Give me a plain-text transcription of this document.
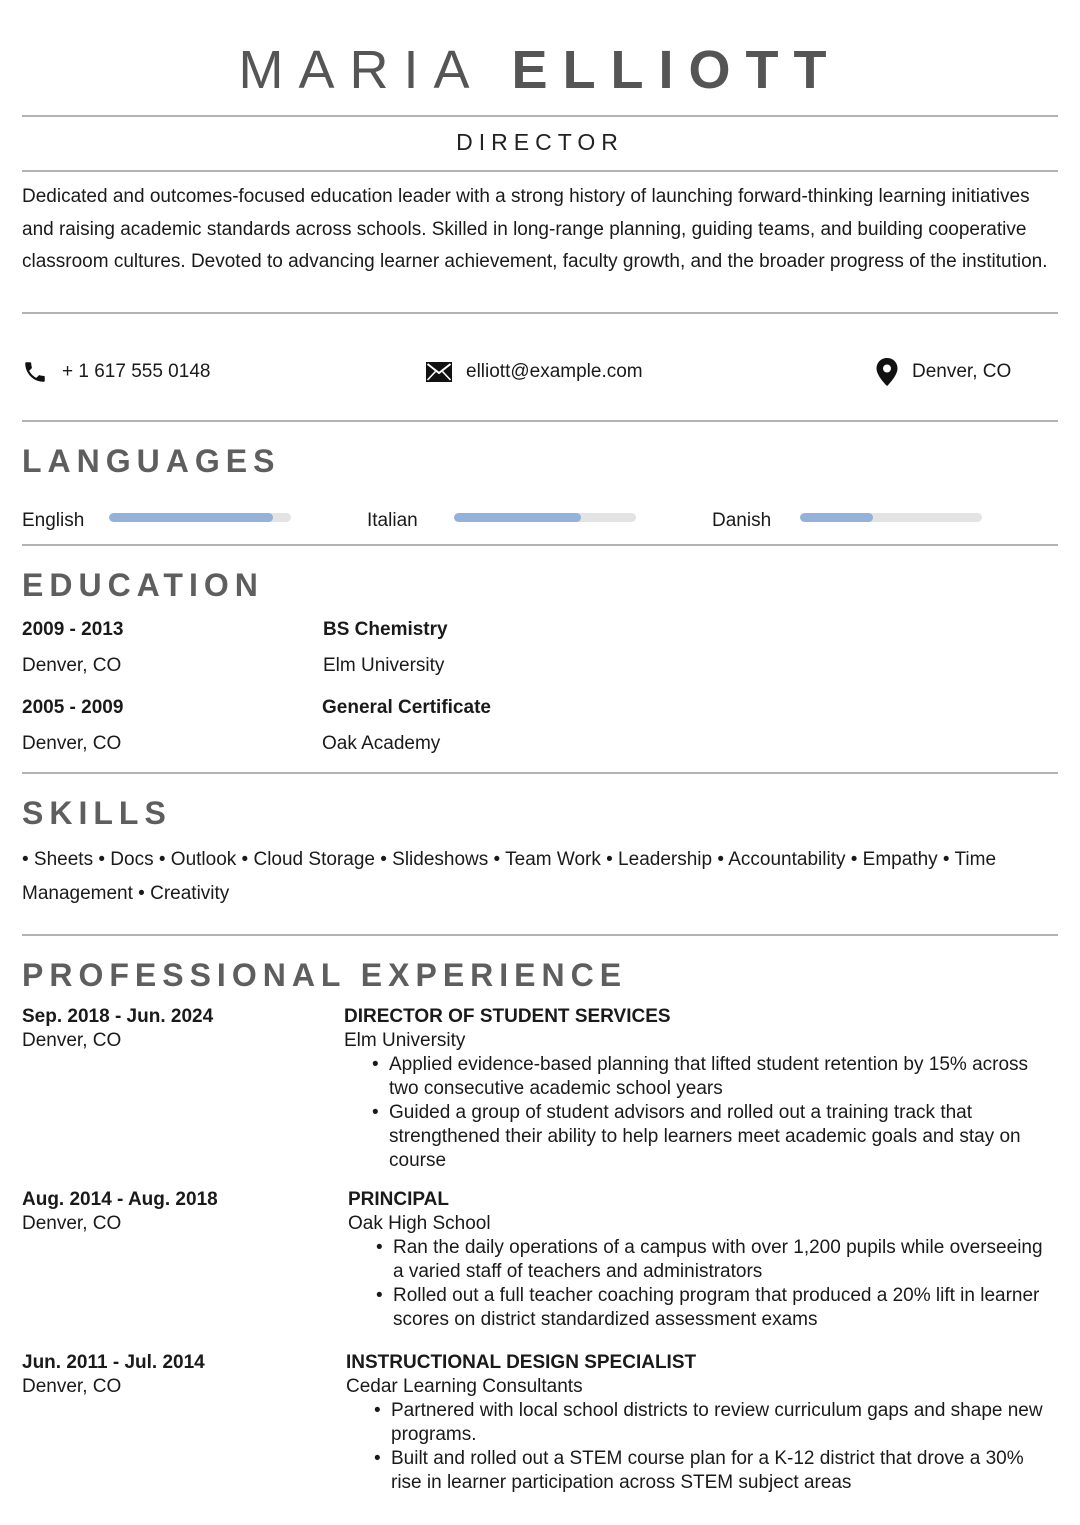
MARIA ELLIOTT
DIRECTOR
Dedicated and outcomes-focused education leader with a strong history of launching forward-thinking learning initiatives and raising academic standards across schools. Skilled in long-range planning, guiding teams, and building cooperative classroom cultures. Devoted to advancing learner achievement, faculty growth, and the broader progress of the institution.
+ 1 617 555 0148	elliott@example.com	Denver, CO
LANGUAGES
English	Italian	Danish
EDUCATION
2009 - 2013	BS Chemistry
Denver, CO	Elm University
2005 - 2009	General Certificate
Denver, CO	Oak Academy
SKILLS
• Sheets • Docs • Outlook • Cloud Storage • Slideshows • Team Work • Leadership • Accountability • Empathy • Time Management • Creativity
PROFESSIONAL EXPERIENCE
Sep. 2018 - Jun. 2024
Denver, CO
DIRECTOR OF STUDENT SERVICES
Elm University
• Applied evidence-based planning that lifted student retention by 15% across two consecutive academic school years
• Guided a group of student advisors and rolled out a training track that strengthened their ability to help learners meet academic goals and stay on course
Aug. 2014 - Aug. 2018
Denver, CO
PRINCIPAL
Oak High School
• Ran the daily operations of a campus with over 1,200 pupils while overseeing a varied staff of teachers and administrators
• Rolled out a full teacher coaching program that produced a 20% lift in learner scores on district standardized assessment exams
Jun. 2011 - Jul. 2014
Denver, CO
INSTRUCTIONAL DESIGN SPECIALIST
Cedar Learning Consultants
• Partnered with local school districts to review curriculum gaps and shape new programs.
• Built and rolled out a STEM course plan for a K-12 district that drove a 30% rise in learner participation across STEM subject areas
